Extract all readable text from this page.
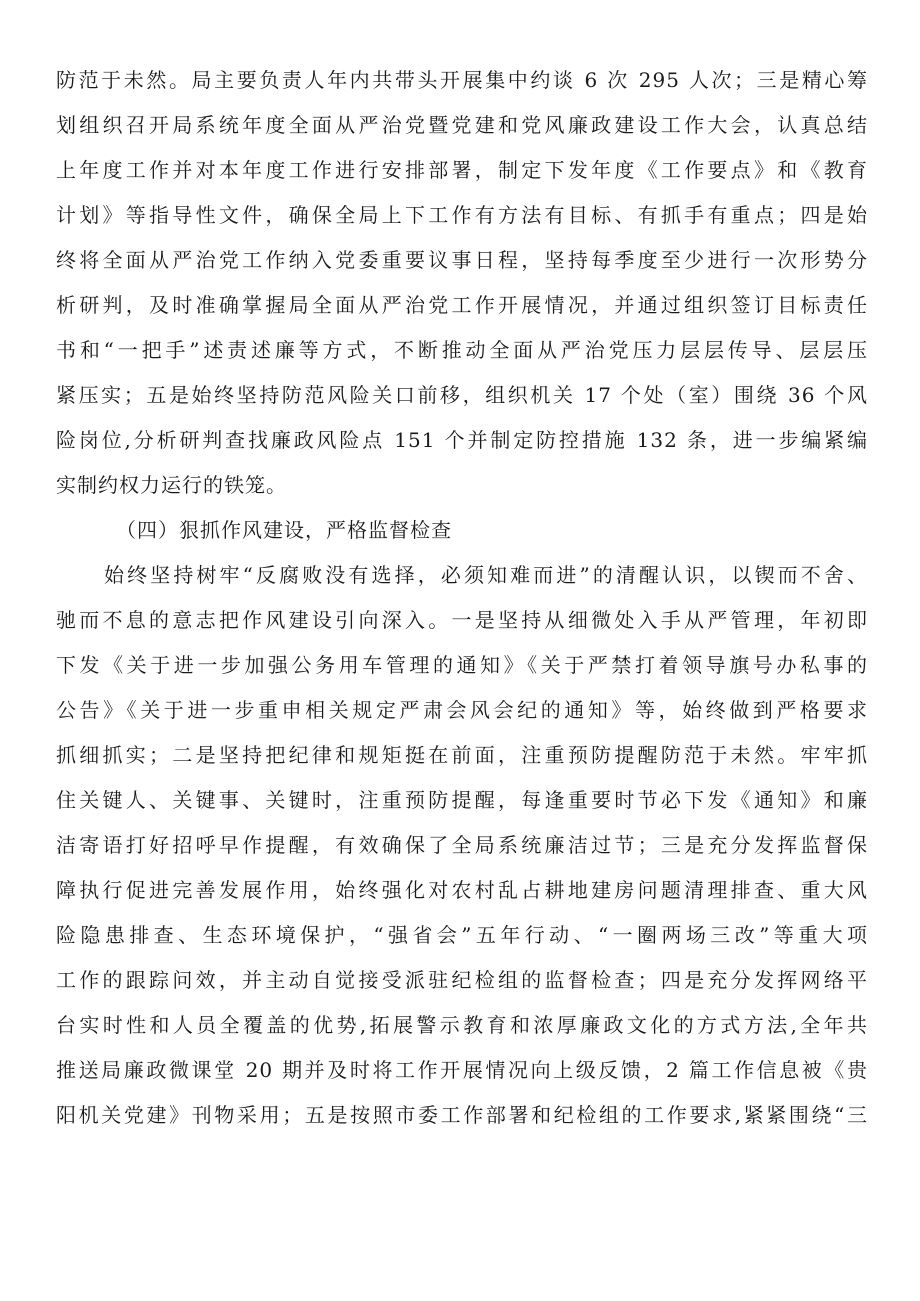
防范于未然。局主要负责人年内共带头开展集中约谈 6 次 295 人次；三是精心筹
划组织召开局系统年度全面从严治党暨党建和党风廉政建设工作大会，认真总结
上年度工作并对本年度工作进行安排部署，制定下发年度《工作要点》和《教育
计划》等指导性文件，确保全局上下工作有方法有目标、有抓手有重点；四是始
终将全面从严治党工作纳入党委重要议事日程，坚持每季度至少进行一次形势分
析研判，及时准确掌握局全面从严治党工作开展情况，并通过组织签订目标责任
书和“一把手”述责述廉等方式，不断推动全面从严治党压力层层传导、层层压
紧压实；五是始终坚持防范风险关口前移，组织机关 17 个处（室）围绕 36 个风
险岗位,分析研判查找廉政风险点 151 个并制定防控措施 132 条，进一步编紧编
实制约权力运行的铁笼。
（四）狠抓作风建设，严格监督检查
始终坚持树牢“反腐败没有选择，必须知难而进”的清醒认识，以锲而不舍、
驰而不息的意志把作风建设引向深入。一是坚持从细微处入手从严管理，年初即
下发《关于进一步加强公务用车管理的通知》《关于严禁打着领导旗号办私事的
公告》《关于进一步重申相关规定严肃会风会纪的通知》等，始终做到严格要求
抓细抓实；二是坚持把纪律和规矩挺在前面，注重预防提醒防范于未然。牢牢抓
住关键人、关键事、关键时，注重预防提醒，每逢重要时节必下发《通知》和廉
洁寄语打好招呼早作提醒，有效确保了全局系统廉洁过节；三是充分发挥监督保
障执行促进完善发展作用，始终强化对农村乱占耕地建房问题清理排查、重大风
险隐患排查、生态环境保护，“强省会”五年行动、“一圈两场三改”等重大项
工作的跟踪问效，并主动自觉接受派驻纪检组的监督检查；四是充分发挥网络平
台实时性和人员全覆盖的优势,拓展警示教育和浓厚廉政文化的方式方法,全年共
推送局廉政微课堂 20 期并及时将工作开展情况向上级反馈，2 篇工作信息被《贵
阳机关党建》刊物采用；五是按照市委工作部署和纪检组的工作要求,紧紧围绕“三
